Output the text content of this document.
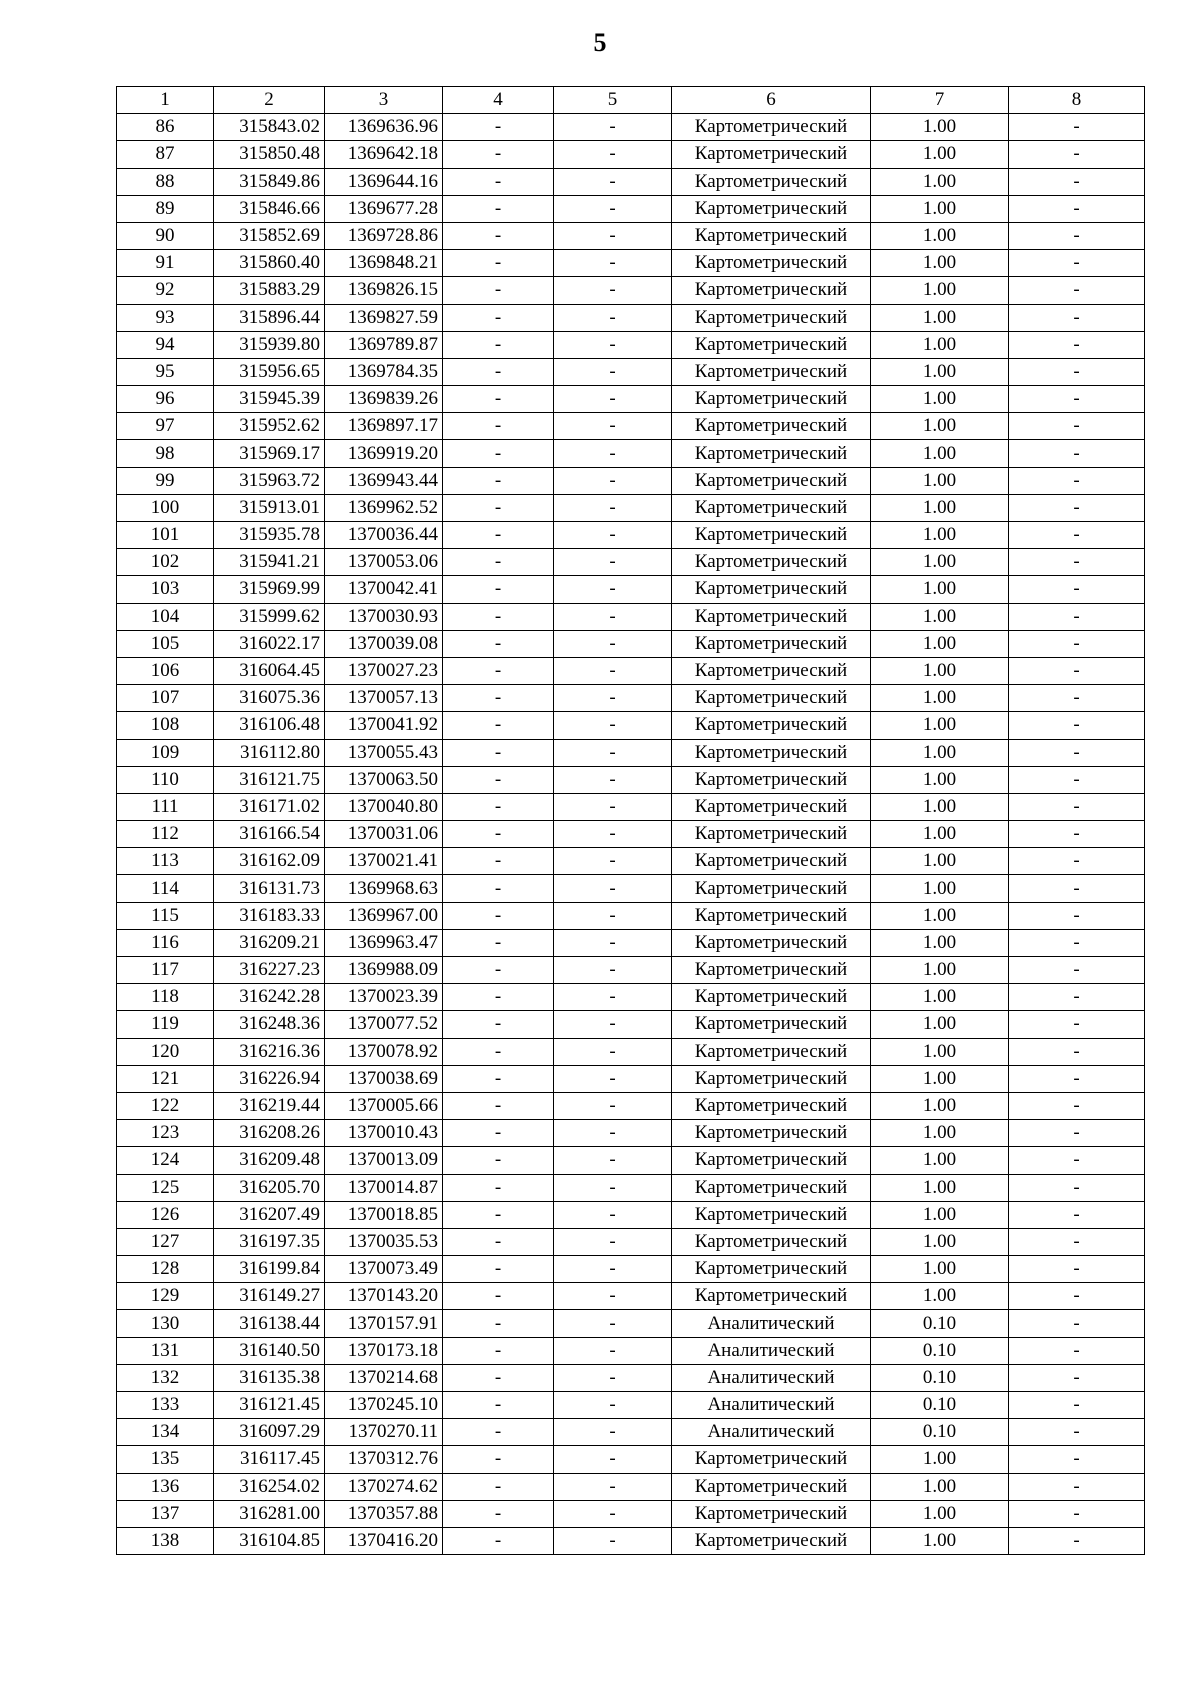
5
1	2	3	4	5	6	7	8
86	315843.02	1369636.96	-	-	Картометрический	1.00	-
87	315850.48	1369642.18	-	-	Картометрический	1.00	-
88	315849.86	1369644.16	-	-	Картометрический	1.00	-
89	315846.66	1369677.28	-	-	Картометрический	1.00	-
90	315852.69	1369728.86	-	-	Картометрический	1.00	-
91	315860.40	1369848.21	-	-	Картометрический	1.00	-
92	315883.29	1369826.15	-	-	Картометрический	1.00	-
93	315896.44	1369827.59	-	-	Картометрический	1.00	-
94	315939.80	1369789.87	-	-	Картометрический	1.00	-
95	315956.65	1369784.35	-	-	Картометрический	1.00	-
96	315945.39	1369839.26	-	-	Картометрический	1.00	-
97	315952.62	1369897.17	-	-	Картометрический	1.00	-
98	315969.17	1369919.20	-	-	Картометрический	1.00	-
99	315963.72	1369943.44	-	-	Картометрический	1.00	-
100	315913.01	1369962.52	-	-	Картометрический	1.00	-
101	315935.78	1370036.44	-	-	Картометрический	1.00	-
102	315941.21	1370053.06	-	-	Картометрический	1.00	-
103	315969.99	1370042.41	-	-	Картометрический	1.00	-
104	315999.62	1370030.93	-	-	Картометрический	1.00	-
105	316022.17	1370039.08	-	-	Картометрический	1.00	-
106	316064.45	1370027.23	-	-	Картометрический	1.00	-
107	316075.36	1370057.13	-	-	Картометрический	1.00	-
108	316106.48	1370041.92	-	-	Картометрический	1.00	-
109	316112.80	1370055.43	-	-	Картометрический	1.00	-
110	316121.75	1370063.50	-	-	Картометрический	1.00	-
111	316171.02	1370040.80	-	-	Картометрический	1.00	-
112	316166.54	1370031.06	-	-	Картометрический	1.00	-
113	316162.09	1370021.41	-	-	Картометрический	1.00	-
114	316131.73	1369968.63	-	-	Картометрический	1.00	-
115	316183.33	1369967.00	-	-	Картометрический	1.00	-
116	316209.21	1369963.47	-	-	Картометрический	1.00	-
117	316227.23	1369988.09	-	-	Картометрический	1.00	-
118	316242.28	1370023.39	-	-	Картометрический	1.00	-
119	316248.36	1370077.52	-	-	Картометрический	1.00	-
120	316216.36	1370078.92	-	-	Картометрический	1.00	-
121	316226.94	1370038.69	-	-	Картометрический	1.00	-
122	316219.44	1370005.66	-	-	Картометрический	1.00	-
123	316208.26	1370010.43	-	-	Картометрический	1.00	-
124	316209.48	1370013.09	-	-	Картометрический	1.00	-
125	316205.70	1370014.87	-	-	Картометрический	1.00	-
126	316207.49	1370018.85	-	-	Картометрический	1.00	-
127	316197.35	1370035.53	-	-	Картометрический	1.00	-
128	316199.84	1370073.49	-	-	Картометрический	1.00	-
129	316149.27	1370143.20	-	-	Картометрический	1.00	-
130	316138.44	1370157.91	-	-	Аналитический	0.10	-
131	316140.50	1370173.18	-	-	Аналитический	0.10	-
132	316135.38	1370214.68	-	-	Аналитический	0.10	-
133	316121.45	1370245.10	-	-	Аналитический	0.10	-
134	316097.29	1370270.11	-	-	Аналитический	0.10	-
135	316117.45	1370312.76	-	-	Картометрический	1.00	-
136	316254.02	1370274.62	-	-	Картометрический	1.00	-
137	316281.00	1370357.88	-	-	Картометрический	1.00	-
138	316104.85	1370416.20	-	-	Картометрический	1.00	-
